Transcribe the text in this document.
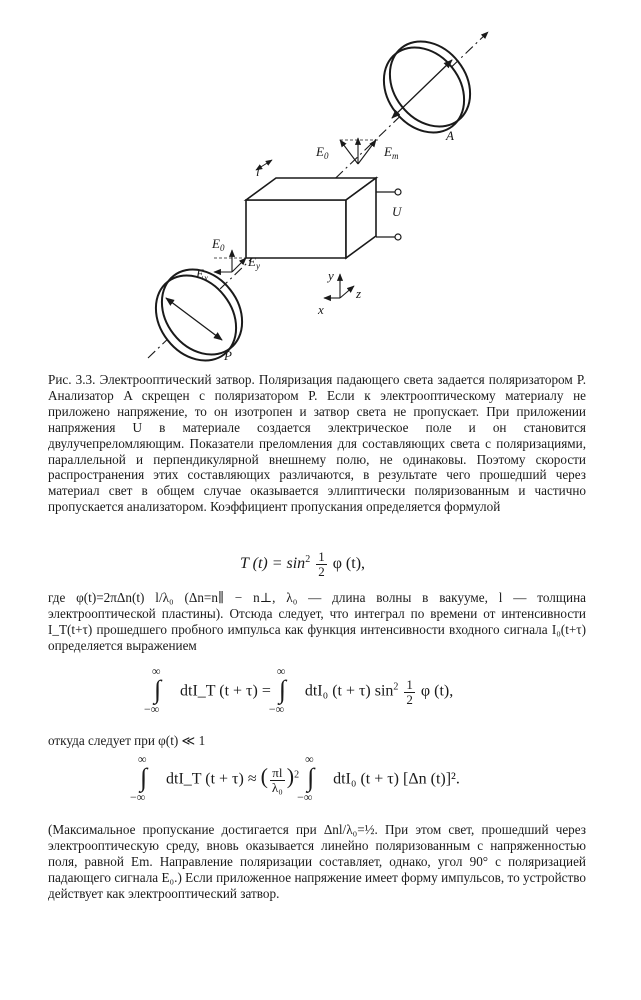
A
$E_0$	$E_m$
l
U
$E_0$
$E_x$
$E_y$
P
y
z
x
Рис. 3.3. Электрооптический затвор. Поляризация падающего света задается поляризатором P. Анализатор A скрещен с поляризатором P. Если к электрооптическому материалу не приложено напряжение, то он изотропен и затвор света не пропускает. При приложении напряжения U в материале создается электрическое поле и он становится двулучепреломляющим. Показатели преломления для составляющих света с поляризациями, параллельной и перпендикулярной внешнему полю, не одинаковы. Поэтому скорости распространения этих составляющих различаются, в результате чего прошедший через материал свет в общем случае оказывается эллиптически поляризованным и частично пропускается анализатором. Коэффициент пропускания определяется формулой
T $(t) = \sin^2 \frac{1}{2}$ φ (t),
где φ(t)=2πΔn(t) l/λ₀ (Δn=n∥ − n⊥, λ₀ — длина волны в вакууме, l — толщина электрооптической пластины). Отсюда следует, что интеграл по времени от интенсивности I_T(t+τ) прошедшего пробного импульса как функция интенсивности входного сигнала I₀(t+τ) определяется выражением
∞
∫
−∞
dtI_T (t + τ) =
∞
∫
−∞
dtI₀ (t + τ) $\sin^2 \frac{1}{2}$ φ (t),
откуда следует при φ(t) ≪ 1
∞
∫
−∞
dtI_T (t + τ) ≈ ( $\frac{\pi l}{\text{λ₀}} )^2$
∞
∫
−∞
dtI₀ (t + τ) [Δn (t)]².
(Максимальное пропускание достигается при Δnl/λ₀=½. При этом свет, прошедший через электрооптическую среду, вновь оказывается линейно поляризованным с напряженностью поля, равной Em. Направление поляризации составляет, однако, угол 90° с поляризацией падающего сигнала E₀.) Если приложенное напряжение имеет форму импульсов, то устройство действует как электрооптический затвор.
